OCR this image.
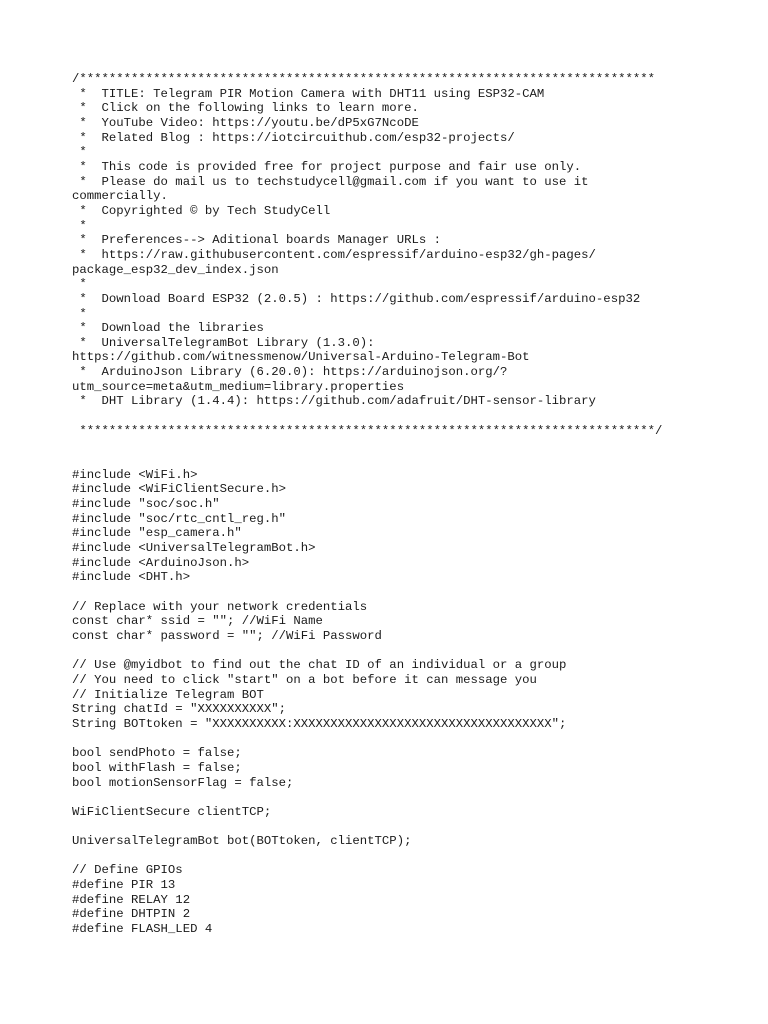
/******************************************************************************
*  TITLE: Telegram PIR Motion Camera with DHT11 using ESP32-CAM
*  Click on the following links to learn more.
*  YouTube Video: https://youtu.be/dP5xG7NcoDE
*  Related Blog : https://iotcircuithub.com/esp32-projects/
*
*  This code is provided free for project purpose and fair use only.
*  Please do mail us to techstudycell@gmail.com if you want to use it
commercially.
*  Copyrighted © by Tech StudyCell
*
*  Preferences--> Aditional boards Manager URLs :
*  https://raw.githubusercontent.com/espressif/arduino-esp32/gh-pages/
package_esp32_dev_index.json
*
*  Download Board ESP32 (2.0.5) : https://github.com/espressif/arduino-esp32
*
*  Download the libraries
*  UniversalTelegramBot Library (1.3.0):
https://github.com/witnessmenow/Universal-Arduino-Telegram-Bot
*  ArduinoJson Library (6.20.0): https://arduinojson.org/?
utm_source=meta&utm_medium=library.properties
*  DHT Library (1.4.4): https://github.com/adafruit/DHT-sensor-library
******************************************************************************/
#include <WiFi.h>
#include <WiFiClientSecure.h>
#include "soc/soc.h"
#include "soc/rtc_cntl_reg.h"
#include "esp_camera.h"
#include <UniversalTelegramBot.h>
#include <ArduinoJson.h>
#include <DHT.h>
// Replace with your network credentials
const char* ssid = ""; //WiFi Name
const char* password = ""; //WiFi Password
// Use @myidbot to find out the chat ID of an individual or a group
// You need to click "start" on a bot before it can message you
// Initialize Telegram BOT
String chatId = "XXXXXXXXXX";
String BOTtoken = "XXXXXXXXXX:XXXXXXXXXXXXXXXXXXXXXXXXXXXXXXXXXXX";
bool sendPhoto = false;
bool withFlash = false;
bool motionSensorFlag = false;
WiFiClientSecure clientTCP;
UniversalTelegramBot bot(BOTtoken, clientTCP);
// Define GPIOs
#define PIR 13
#define RELAY 12
#define DHTPIN 2
#define FLASH_LED 4
